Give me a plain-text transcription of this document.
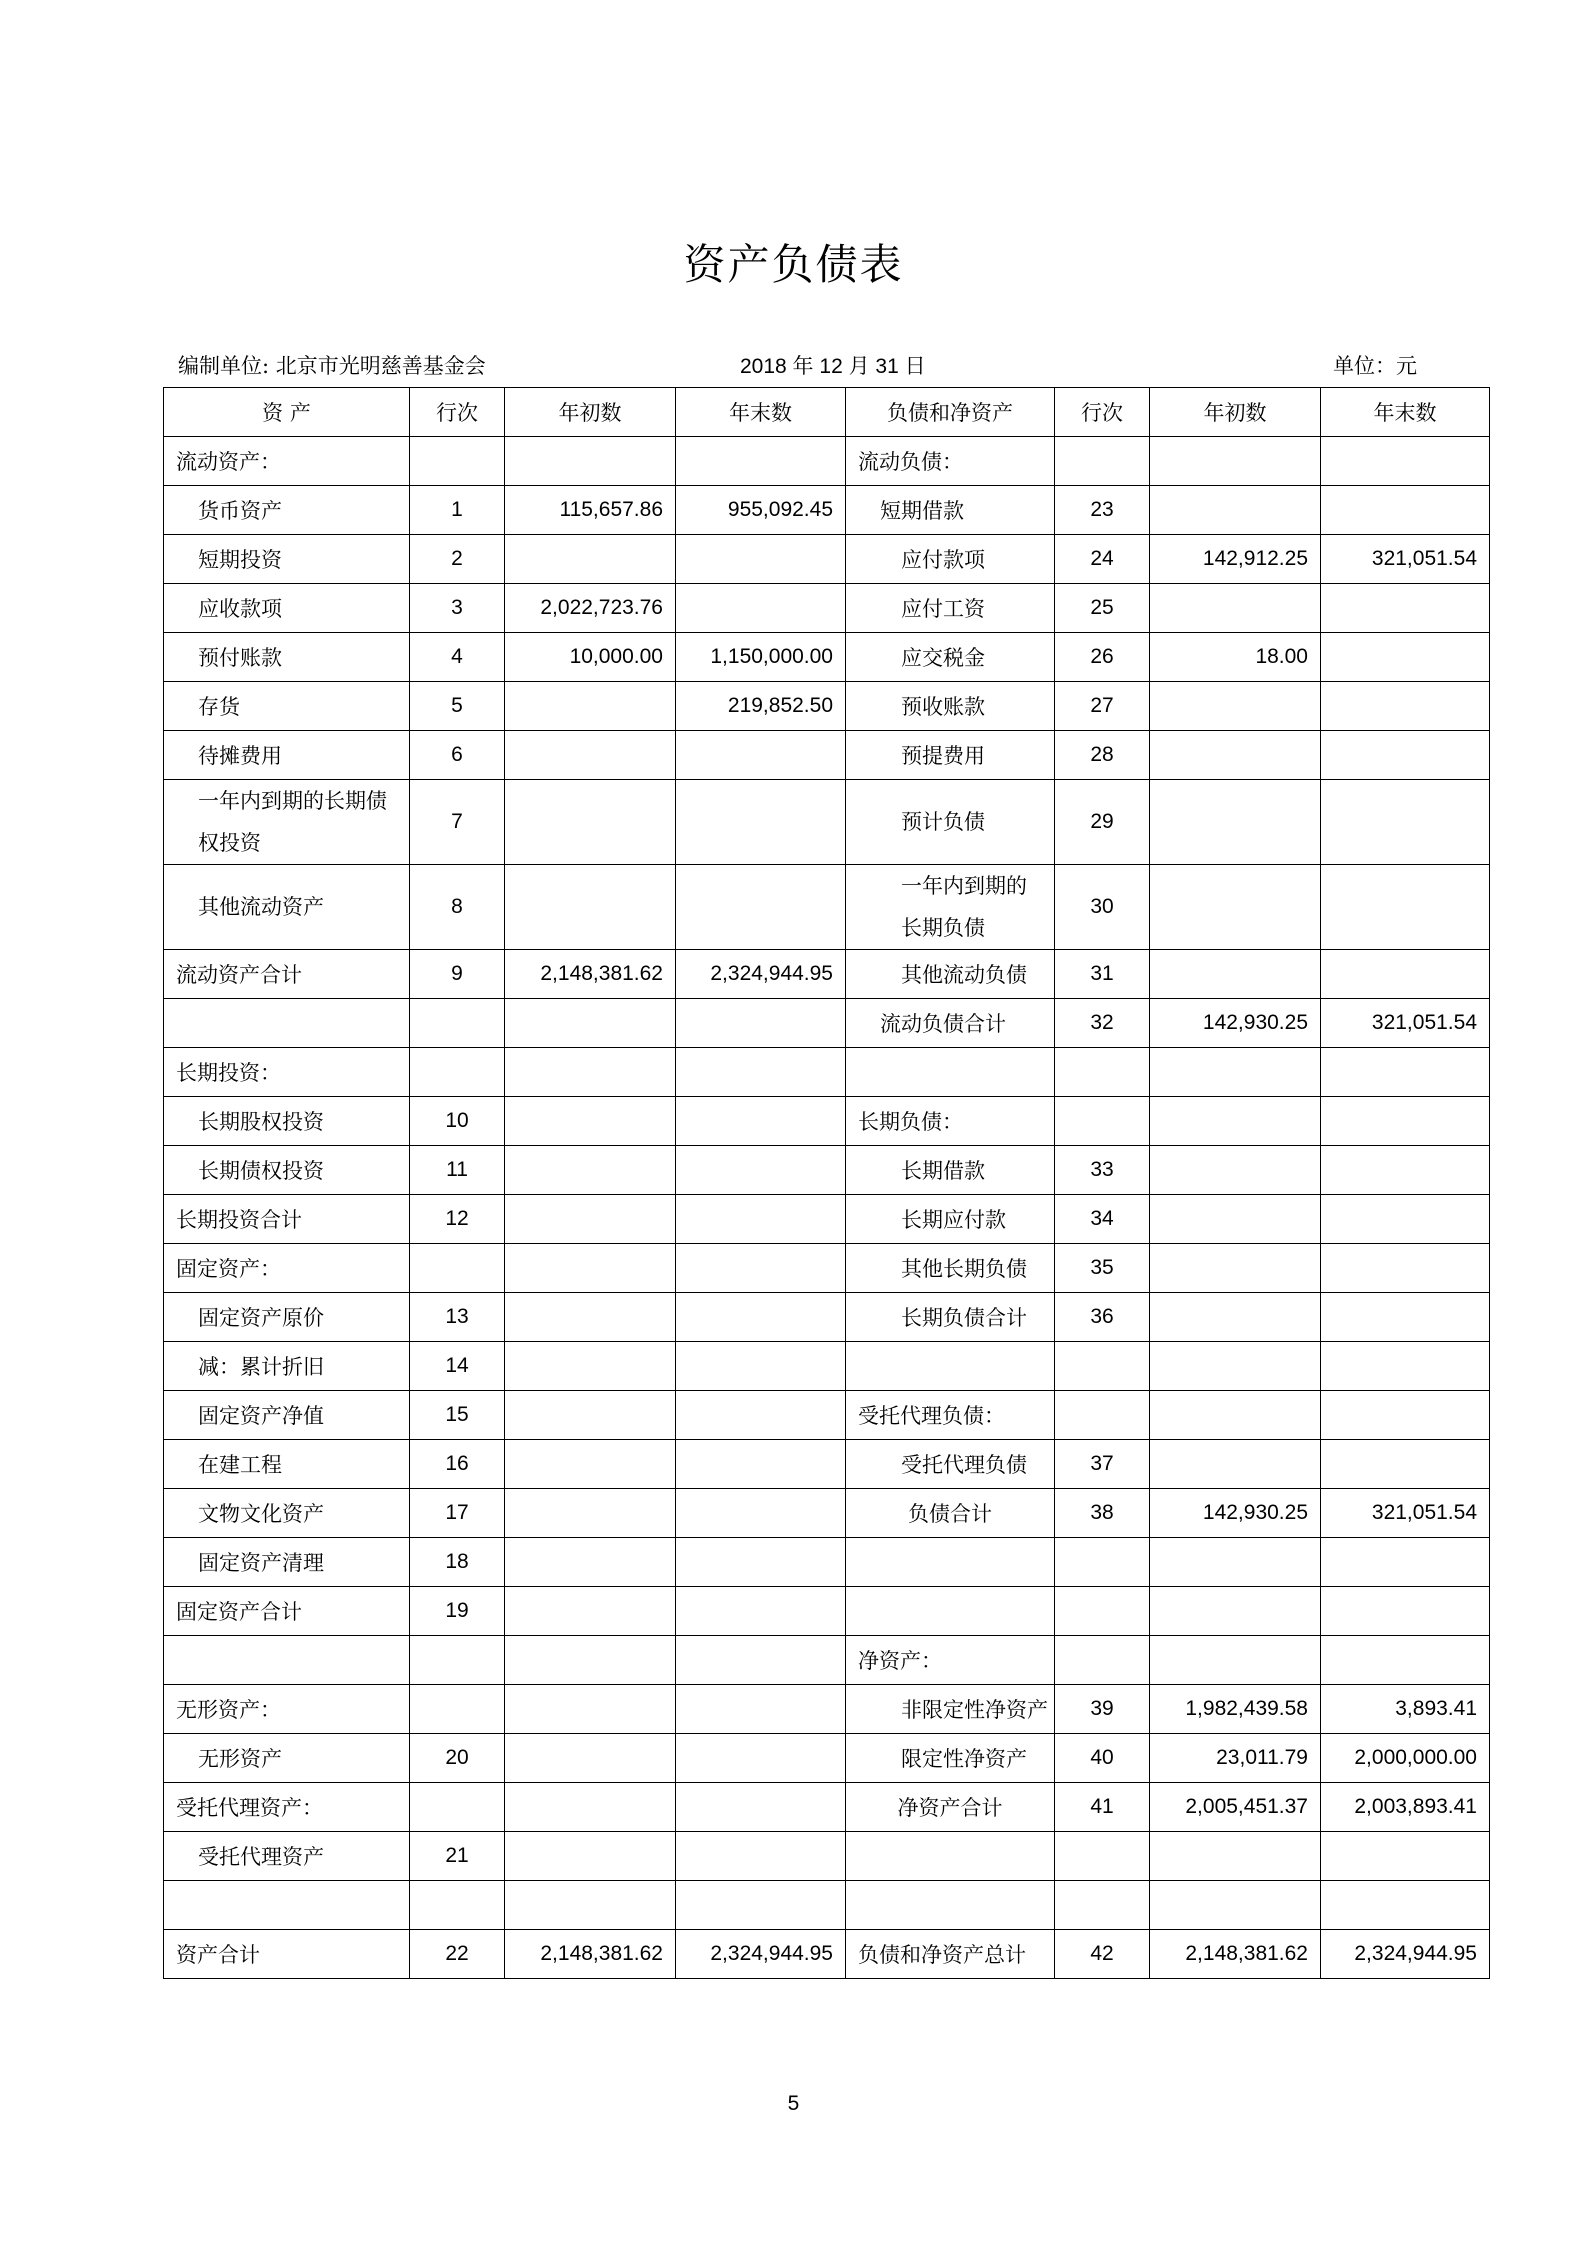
资产负债表
编制单位: 北京市光明慈善基金会	2018 年 12 月 31 日	单位：元
资 产	行次	年初数	年末数	负债和净资产	行次	年初数	年末数
流动资产：				流动负债：			
货币资产	1	115,657.86	955,092.45	短期借款	23		
短期投资	2			应付款项	24	142,912.25	321,051.54
应收款项	3	2,022,723.76		应付工资	25		
预付账款	4	10,000.00	1,150,000.00	应交税金	26	18.00	
存货	5		219,852.50	预收账款	27		
待摊费用	6			预提费用	28		
一年内到期的长期债权投资	7			预计负债	29		
其他流动资产	8			一年内到期的长期负债	30		
流动资产合计	9	2,148,381.62	2,324,944.95	其他流动负债	31		
				流动负债合计	32	142,930.25	321,051.54
长期投资：							
长期股权投资	10			长期负债：			
长期债权投资	11			长期借款	33		
长期投资合计	12			长期应付款	34		
固定资产：				其他长期负债	35		
固定资产原价	13			长期负债合计	36		
减：累计折旧	14						
固定资产净值	15			受托代理负债：			
在建工程	16			受托代理负债	37		
文物文化资产	17			负债合计	38	142,930.25	321,051.54
固定资产清理	18						
固定资产合计	19						
				净资产：			
无形资产：				非限定性净资产	39	1,982,439.58	3,893.41
无形资产	20			限定性净资产	40	23,011.79	2,000,000.00
受托代理资产：				净资产合计	41	2,005,451.37	2,003,893.41
受托代理资产	21						

资产合计	22	2,148,381.62	2,324,944.95	负债和净资产总计	42	2,148,381.62	2,324,944.95
5
